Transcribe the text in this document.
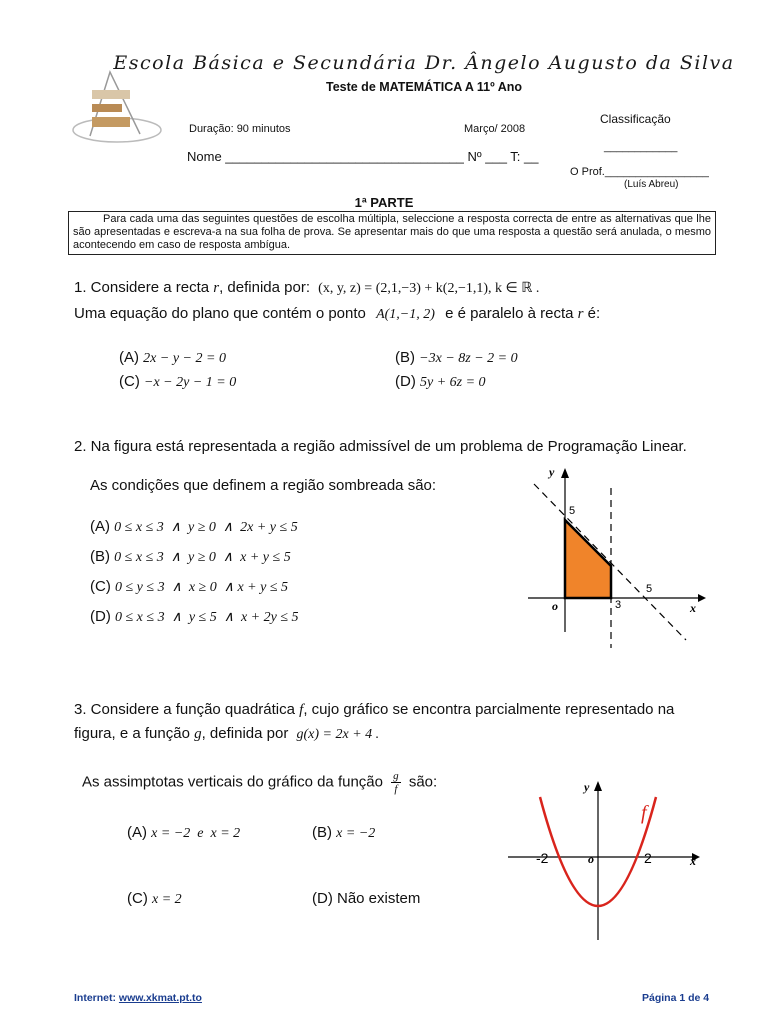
Escola Básica e Secundária Dr. Ângelo Augusto da Silva
Teste de MATEMÁTICA A 11º Ano
Duração: 90 minutos	Março/ 2008
Classificação
____________
Nome _________________________________ Nº ___ T: __
O Prof._________________
(Luís Abreu)
1ª PARTE
Para cada uma das seguintes questões de escolha múltipla, seleccione a resposta correcta de entre as alternativas que lhe são apresentadas e escreva-a na sua folha de prova. Se apresentar mais do que uma resposta a questão será anulada, o mesmo acontecendo em caso de resposta ambígua.
1. Considere a recta r, definida por: (x, y, z) = (2,1,−3) + k(2,−1,1), k ∈ ℝ .
Uma equação do plano que contém o ponto A(1,−1, 2) e é paralelo à recta r é:
(A) 2x − y − 2 = 0	(B) −3x − 8z − 2 = 0
(C) −x − 2y − 1 = 0	(D) 5y + 6z = 0
2. Na figura está representada a região admissível de um problema de Programação Linear.
As condições que definem a região sombreada são:
(A) 0 ≤ x ≤ 3  ∧  y ≥ 0  ∧  2x + y ≤ 5
(B) 0 ≤ x ≤ 3  ∧  y ≥ 0  ∧  x + y ≤ 5
(C) 0 ≤ y ≤ 3  ∧  x ≥ 0  ∧ x + y ≤ 5
(D) 0 ≤ x ≤ 3  ∧  y ≤ 5  ∧  x + 2y ≤ 5
y
x
o
5
3
5
3. Considere a função quadrática f, cujo gráfico se encontra parcialmente representado na
figura, e a função g, definida por g(x) = 2x + 4 .
As assimptotas verticais do gráfico da função $\frac{g}{f}$ são:
(A) x = −2  e  x = 2	(B) x = −2
(C) x = 2	(D) Não existem
y
x
o
-2	2
f
Internet: www.xkmat.pt.to	Página 1 de 4
